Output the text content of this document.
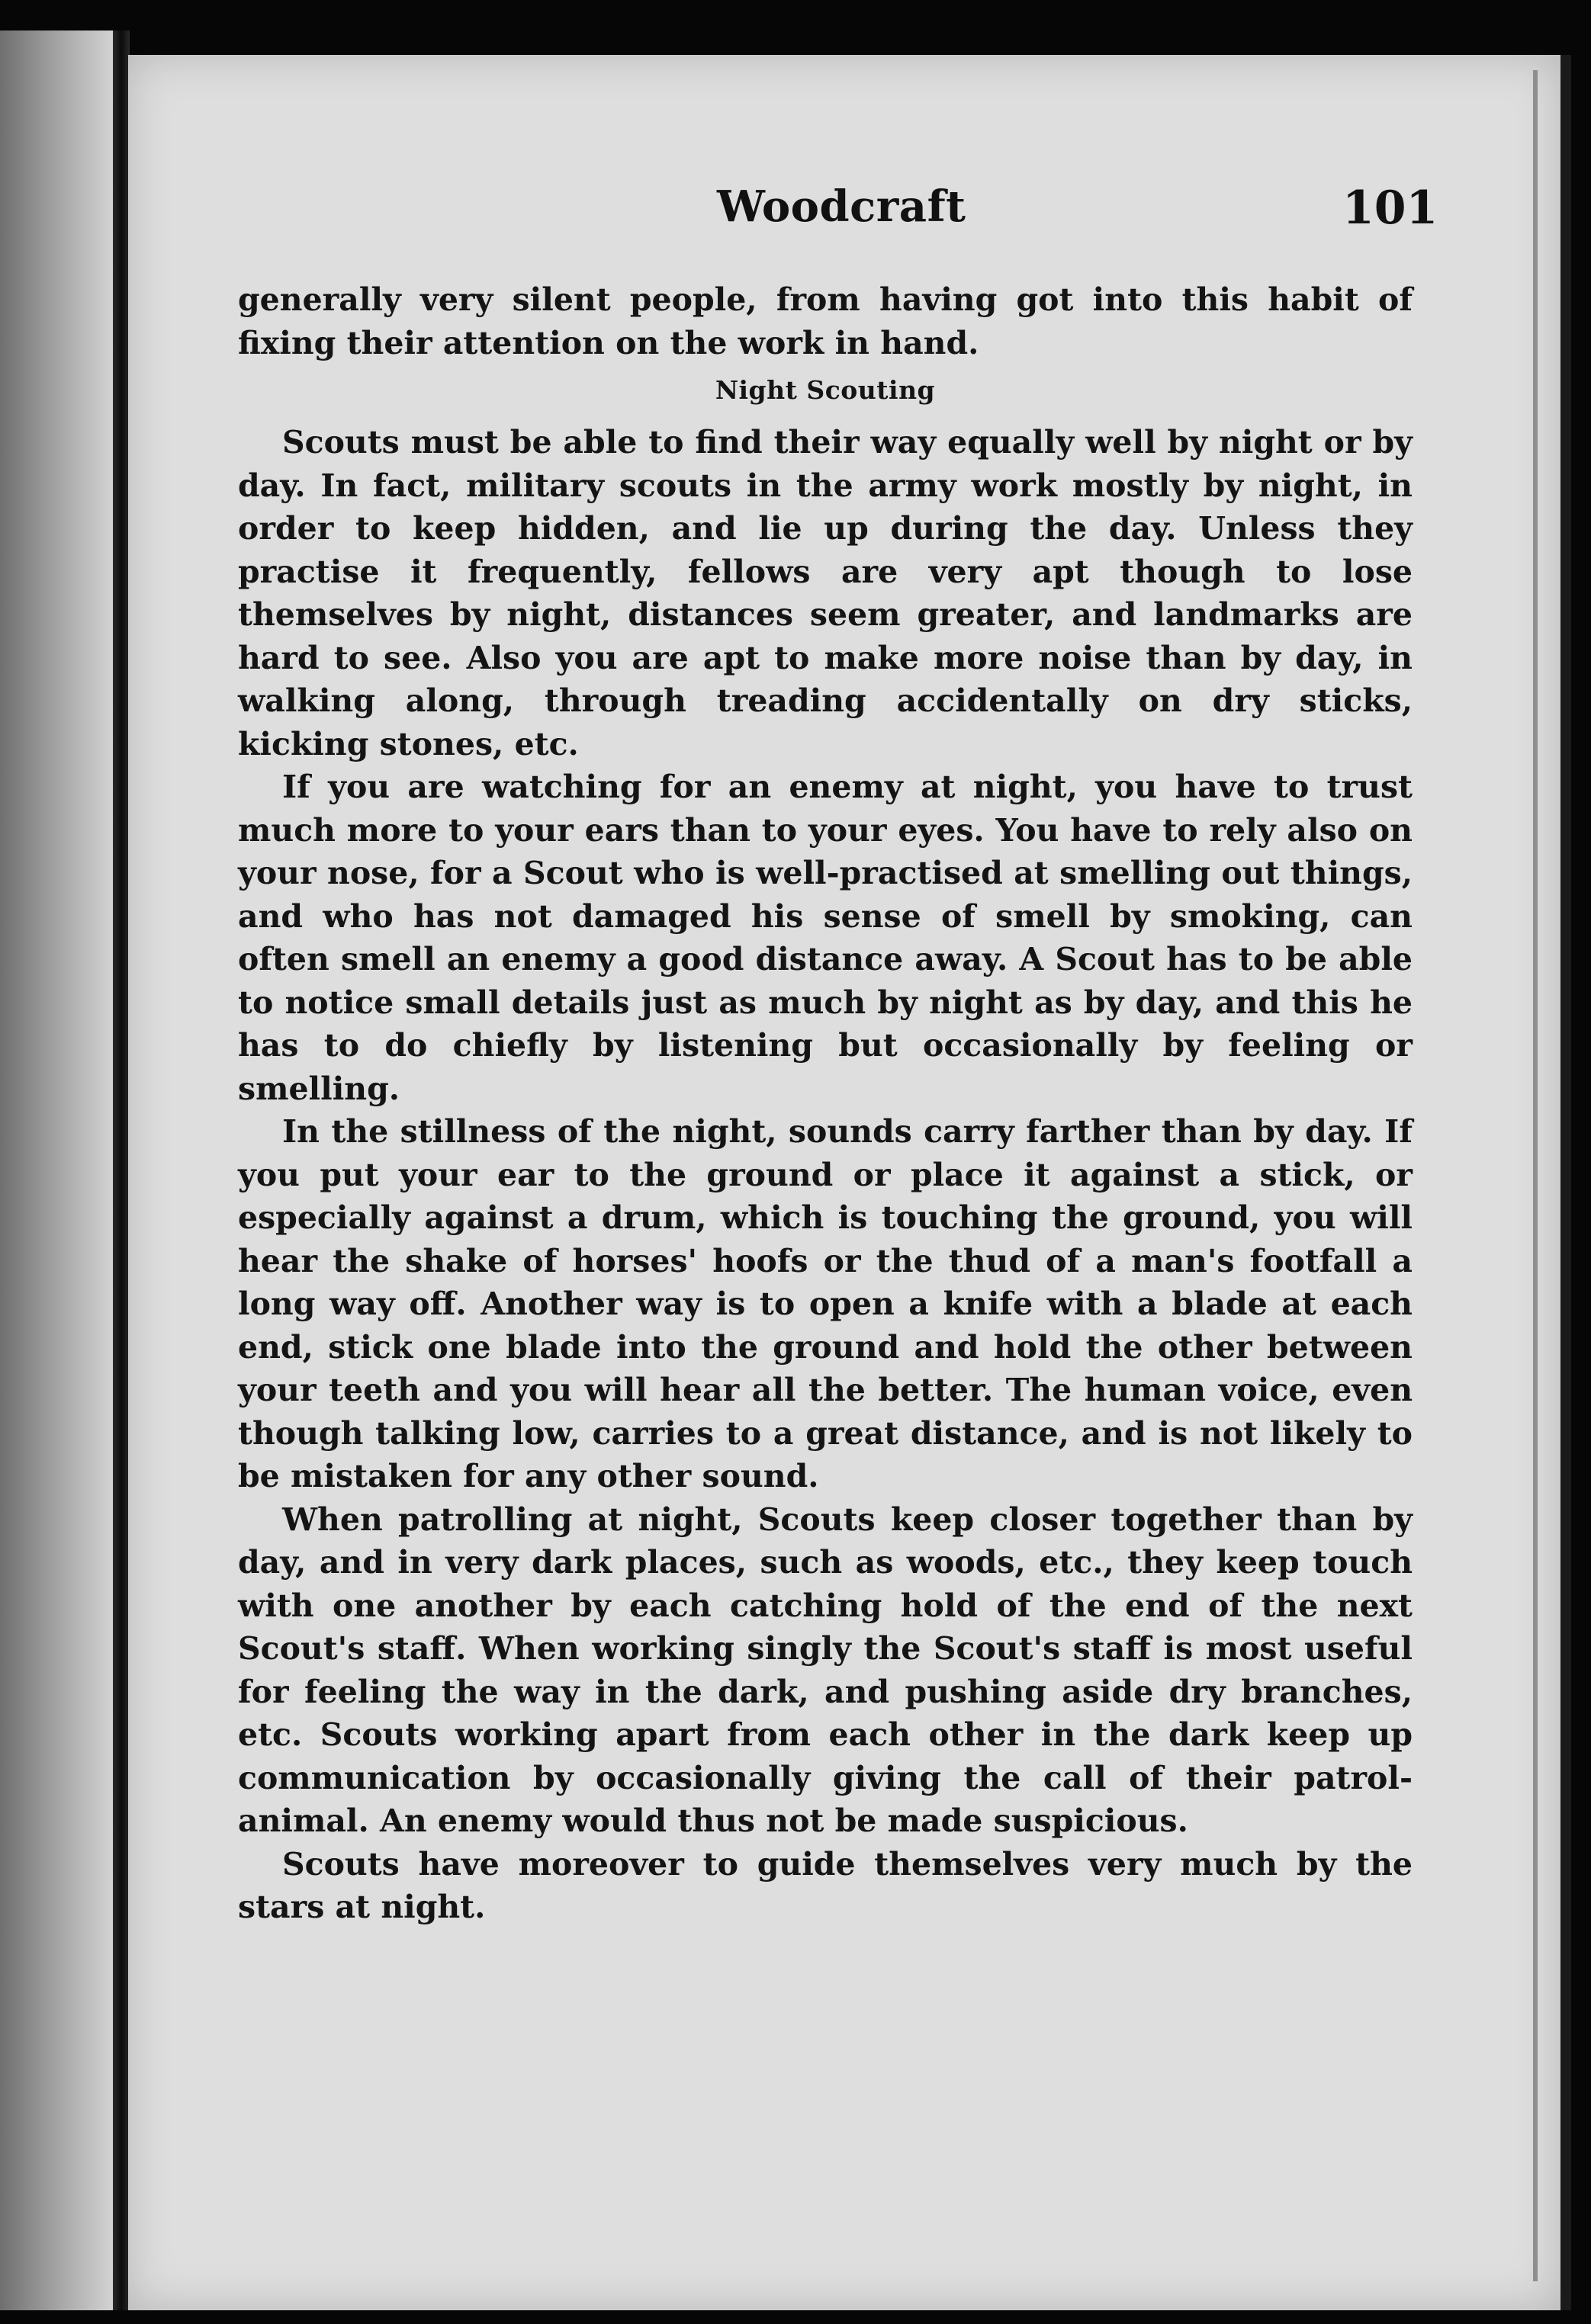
Woodcraft	101

generally very silent people, from having got into this habit of fixing their attention on the work in hand.

Night Scouting

Scouts must be able to find their way equally well by night or by day. In fact, military scouts in the army work mostly by night, in order to keep hidden, and lie up during the day. Unless they practise it frequently, fellows are very apt though to lose themselves by night, distances seem greater, and landmarks are hard to see. Also you are apt to make more noise than by day, in walking along, through treading accidentally on dry sticks, kicking stones, etc.

If you are watching for an enemy at night, you have to trust much more to your ears than to your eyes. You have to rely also on your nose, for a Scout who is well-practised at smelling out things, and who has not damaged his sense of smell by smoking, can often smell an enemy a good distance away. A Scout has to be able to notice small details just as much by night as by day, and this he has to do chiefly by listening but occasionally by feeling or smelling.

In the stillness of the night, sounds carry farther than by day. If you put your ear to the ground or place it against a stick, or especially against a drum, which is touching the ground, you will hear the shake of horses' hoofs or the thud of a man's footfall a long way off. Another way is to open a knife with a blade at each end, stick one blade into the ground and hold the other between your teeth and you will hear all the better. The human voice, even though talking low, carries to a great distance, and is not likely to be mistaken for any other sound.

When patrolling at night, Scouts keep closer together than by day, and in very dark places, such as woods, etc., they keep touch with one another by each catching hold of the end of the next Scout's staff. When working singly the Scout's staff is most useful for feeling the way in the dark, and pushing aside dry branches, etc. Scouts working apart from each other in the dark keep up communication by occasionally giving the call of their patrol-animal. An enemy would thus not be made suspicious.

Scouts have moreover to guide themselves very much by the stars at night.
